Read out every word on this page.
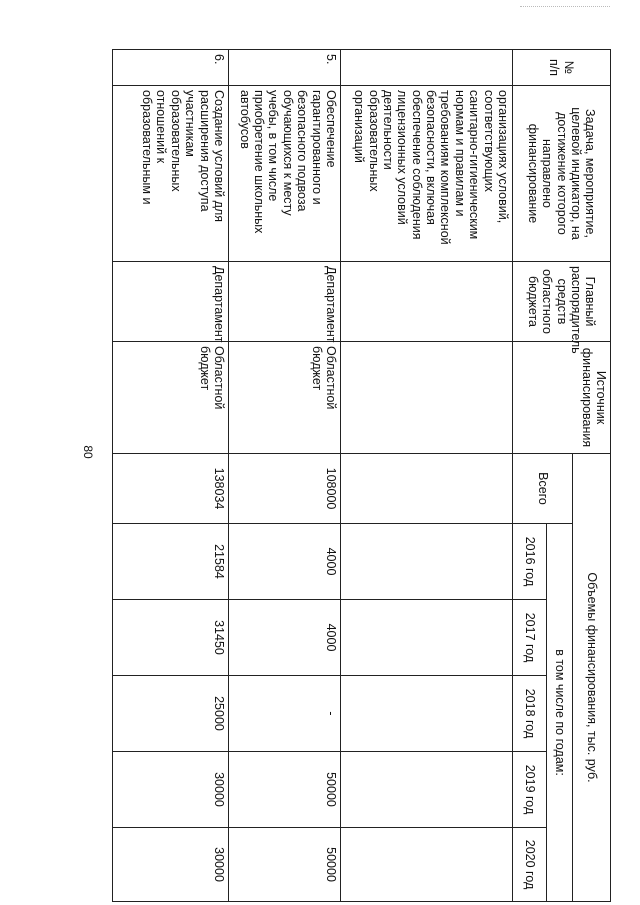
80
№ п/п	Задача, мероприятие, целевой индикатор, на достижение которого направлено финансирование	Главный распорядитель средств областного бюджета	Источник финансирования	Объемы финансирования, тыс. руб.					
				Всего	в том числе по годам:				
					2016 год	2017 год	2018 год	2019 год	2020 год
	организациях условий, соответствующих санитарно-гигиеническим нормам и правилам и требованиям комплексной безопасности, включая обеспечение соблюдения лицензионных условий деятельности образовательных организаций								
5.	Обеспечение гарантированного и безопасного подвоза обучающихся к месту учебы, в том числе приобретение школьных автобусов	Департамент	Областной бюджет	108000	4000	4000	-	50000	50000
6.	Создание условий для расширения доступа участникам образовательных отношений к образовательным и	Департамент	Областной бюджет	138034	21584	31450	25000	30000	30000
